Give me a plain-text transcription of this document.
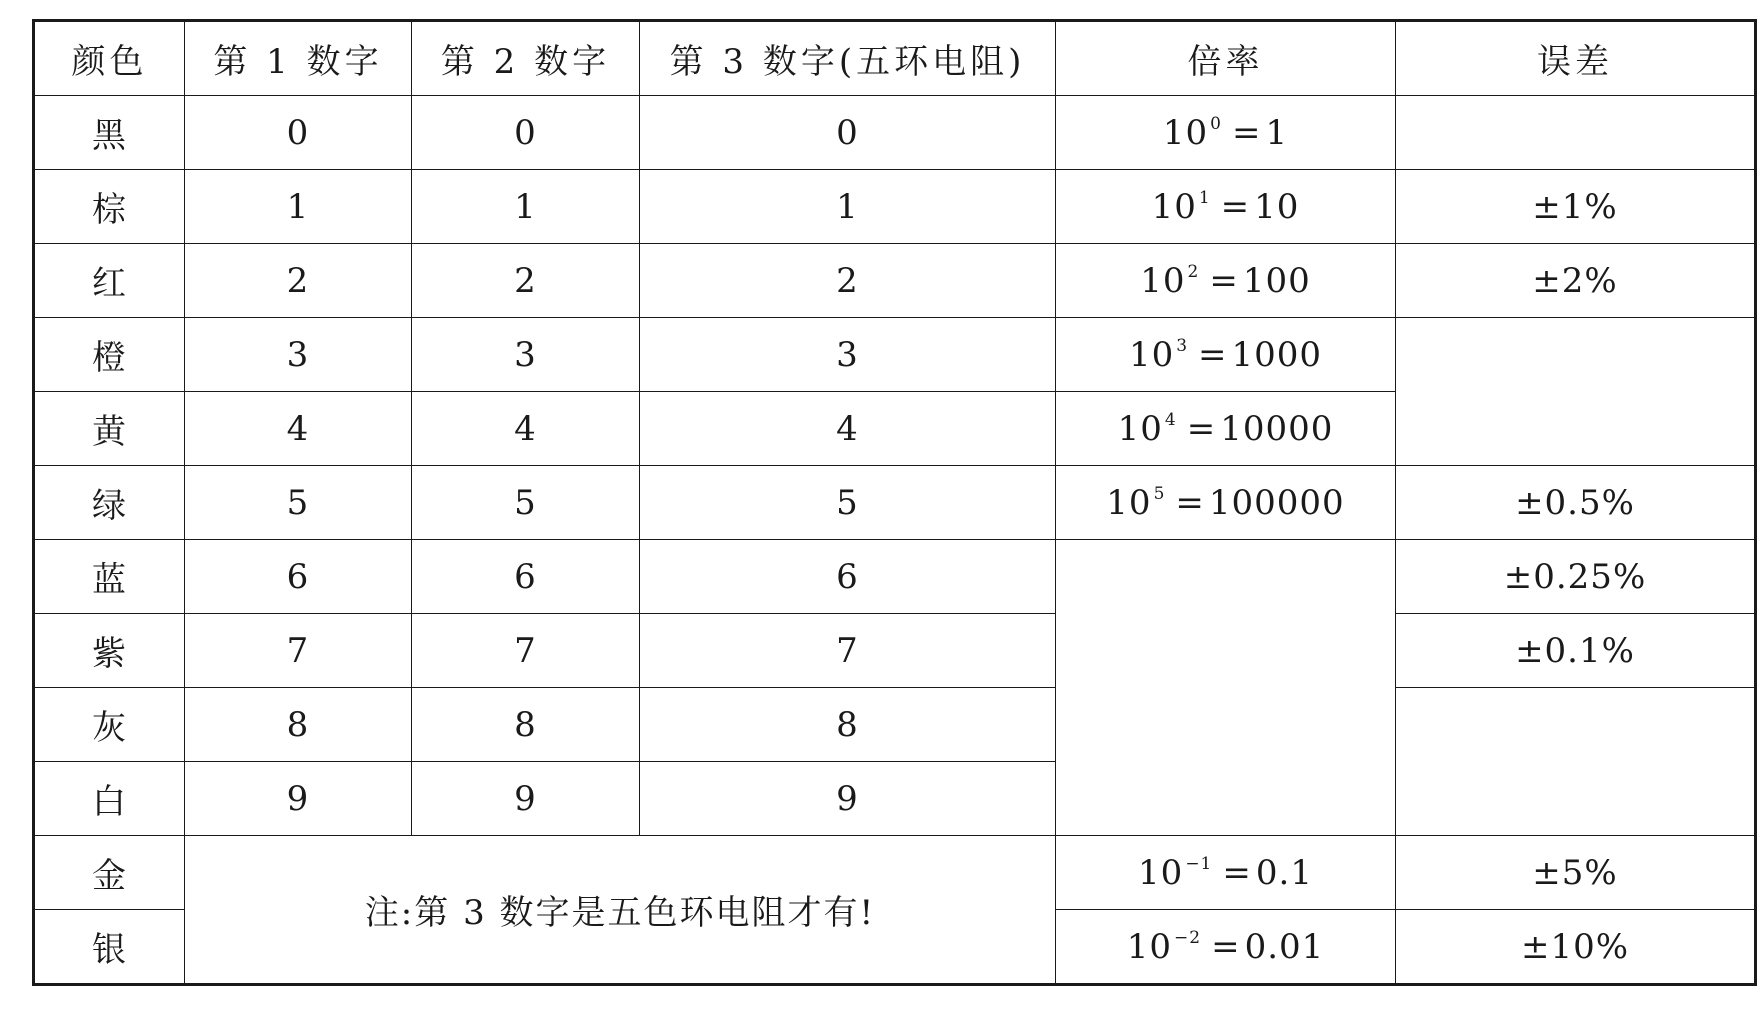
颜色	第 1 数字	第 2 数字	第 3 数字(五环电阻)	倍率	误差
黑	0	0	0	10 $^0$ = 1	
棕	1	1	1	10 $^1$ = 10	±1%
红	2	2	2	10 $^2$ = 100	±2%
橙	3	3	3	10 $^3$ = 1000	
黄	4	4	4	10 $^4$ = 10000	
绿	5	5	5	10 $^5$ = 100000	±0.5%
蓝	6	6	6		±0.25%
紫	7	7	7		±0.1%
灰	8	8	8		
白	9	9	9		
金	注:第 3 数字是五色环电阻才有!			10 $^{-1}$ = 0.1	±5%
银				10 $^{-2}$ = 0.01	±10%
